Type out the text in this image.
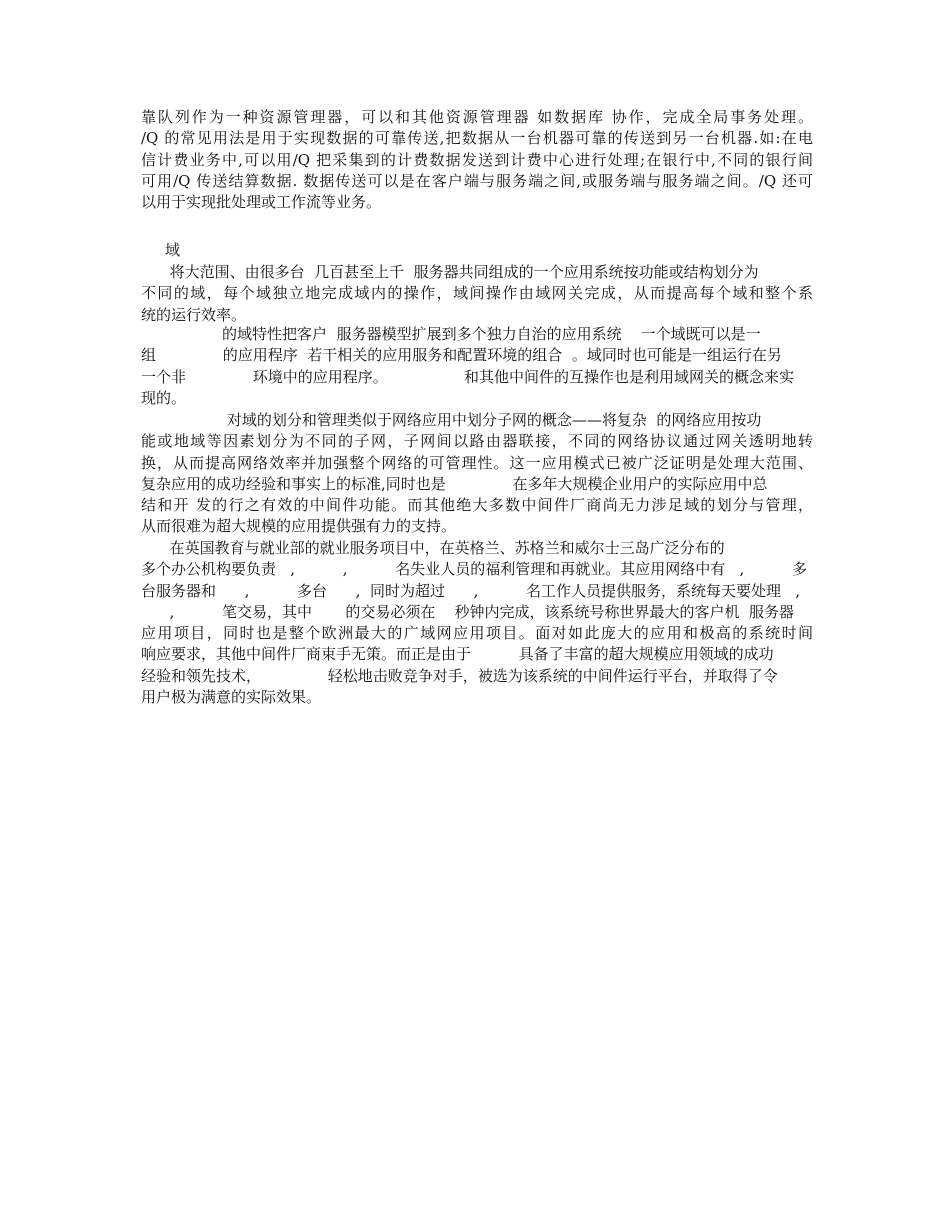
靠队列作为一种资源管理器，可以和其他资源管理器 如数据库 协作，完成全局事务处理。
/Q 的常见用法是用于实现数据的可靠传送,把数据从一台机器可靠的传送到另一台机器.如:在电
信计费业务中,可以用/Q 把采集到的计费数据发送到计费中心进行处理;在银行中,不同的银行间
可用/Q 传送结算数据. 数据传送可以是在客户端与服务端之间,或服务端与服务端之间。/Q 还可
以用于实现批处理或工作流等业务。
域
将大范围、由很多台  几百甚至上千  服务器共同组成的一个应用系统按功能或结构划分为
不同的域，每个域独立地完成域内的操作，域间操作由域网关完成，从而提高每个域和整个系
统的运行效率。
的域特性把客户  服务器模型扩展到多个独力自治的应用系统    一个域既可以是一
组              的应用程序  若干相关的应用服务和配置环境的组合  。域同时也可能是一组运行在另
一个非              环境中的应用程序。                和其他中间件的互操作也是利用域网关的概念来实
现的。
对域的划分和管理类似于网络应用中划分子网的概念——将复杂  的网络应用按功
能或地域等因素划分为不同的子网，子网间以路由器联接，不同的网络协议通过网关透明地转
换，从而提高网络效率并加强整个网络的可管理性。这一应用模式已被广泛证明是处理大范围、
复杂应用的成功经验和事实上的标准,同时也是              在多年大规模企业用户的实际应用中总
结和开 发的行之有效的中间件功能。而其他绝大多数中间件厂商尚无力涉足域的划分与管理，
从而很难为超大规模的应用提供强有力的支持。
在英国教育与就业部的就业服务项目中，在英格兰、苏格兰和威尔士三岛广泛分布的
多个办公机构要负责   ,          ,          名失业人员的福利管理和再就业。其应用网络中有   ,          多
台服务器和      ,          多台      ,  同时为超过      ,          名工作人员提供服务，系统每天要处理   ,
,          笔交易，其中       的交易必须在    秒钟内完成，该系统号称世界最大的客户机  服务器
应用项目，同时也是整个欧洲最大的广域网应用项目。面对如此庞大的应用和极高的系统时间
响应要求，其他中间件厂商束手无策。而正是由于          具备了丰富的超大规模应用领域的成功
经验和领先技术，              轻松地击败竞争对手，被选为该系统的中间件运行平台，并取得了令
用户极为满意的实际效果。
